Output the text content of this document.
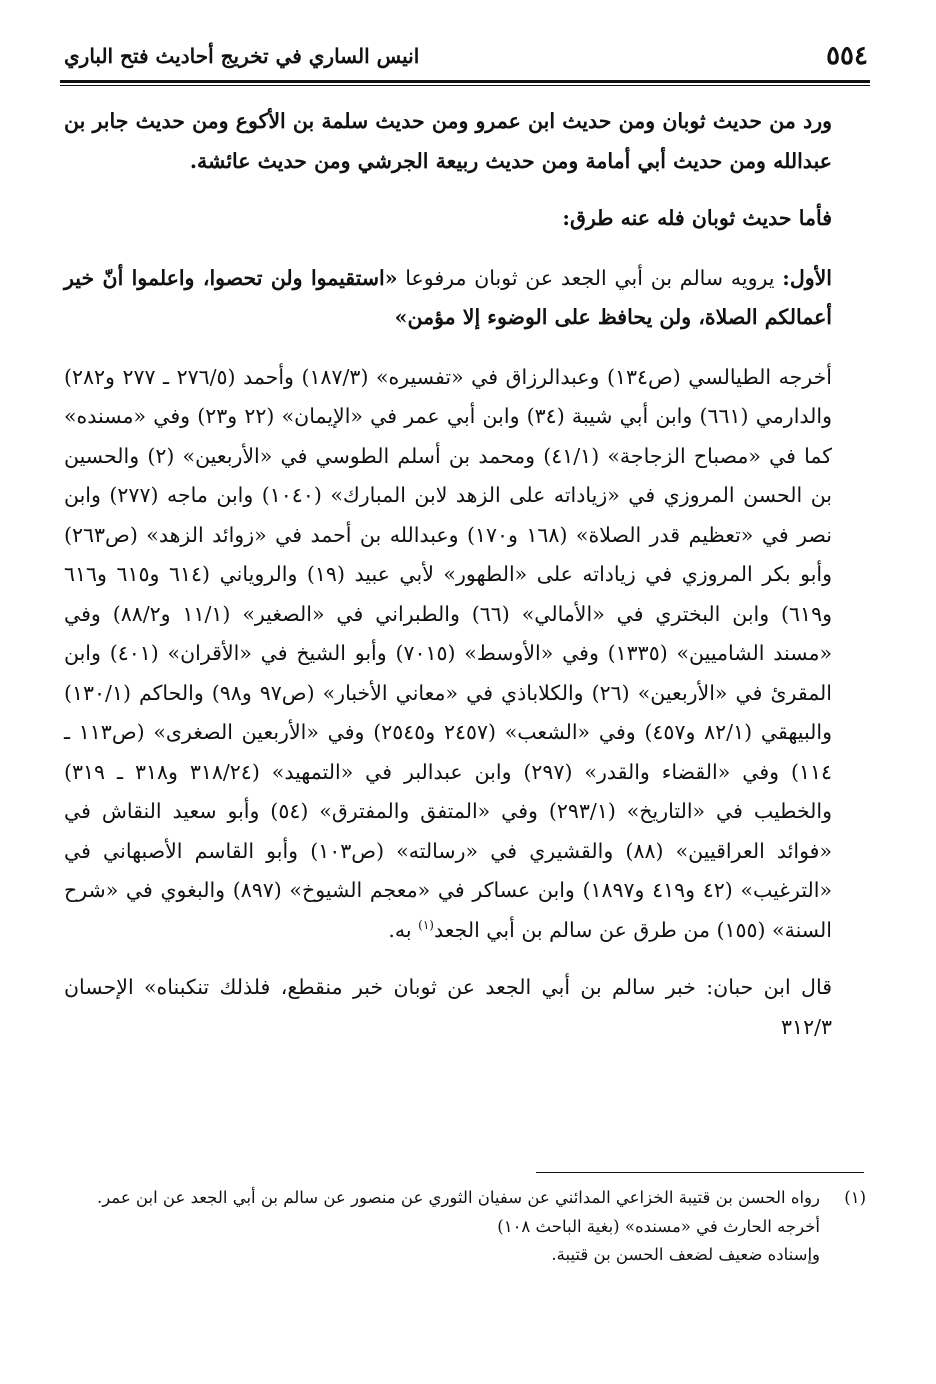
٥٥٤
انيس الساري في تخريج أحاديث فتح الباري

ورد من حديث ثوبان ومن حديث ابن عمرو ومن حديث سلمة بن الأكوع ومن حديث جابر بن عبدالله ومن حديث أبي أمامة ومن حديث ربيعة الجرشي ومن حديث عائشة.

فأما حديث ثوبان فله عنه طرق:

الأول: يرويه سالم بن أبي الجعد عن ثوبان مرفوعا «استقيموا ولن تحصوا، واعلموا أنّ خير أعمالكم الصلاة، ولن يحافظ على الوضوء إلا مؤمن»

أخرجه الطيالسي (ص١٣٤) وعبدالرزاق في «تفسيره» (١٨٧/٣) وأحمد (٢٧٦/٥ ـ ٢٧٧ و٢٨٢) والدارمي (٦٦١) وابن أبي شيبة (٣٤) وابن أبي عمر في «الإيمان» (٢٢ و٢٣) وفي «مسنده» كما في «مصباح الزجاجة» (٤١/١) ومحمد بن أسلم الطوسي في «الأربعين» (٢) والحسين بن الحسن المروزي في «زياداته على الزهد لابن المبارك» (١٠٤٠) وابن ماجه (٢٧٧) وابن نصر في «تعظيم قدر الصلاة» (١٦٨ و١٧٠) وعبدالله بن أحمد في «زوائد الزهد» (ص٢٦٣) وأبو بكر المروزي في زياداته على «الطهور» لأبي عبيد (١٩) والروياني (٦١٤ و٦١٥ و٦١٦ و٦١٩) وابن البختري في «الأمالي» (٦٦) والطبراني في «الصغير» (١١/١ و٨٨/٢) وفي «مسند الشاميين» (١٣٣٥) وفي «الأوسط» (٧٠١٥) وأبو الشيخ في «الأقران» (٤٠١) وابن المقرئ في «الأربعين» (٢٦) والكلاباذي في «معاني الأخبار» (ص٩٧ و٩٨) والحاكم (١٣٠/١) والبيهقي (٨٢/١ و٤٥٧) وفي «الشعب» (٢٤٥٧ و٢٥٤٥) وفي «الأربعين الصغرى» (ص١١٣ ـ ١١٤) وفي «القضاء والقدر» (٢٩٧) وابن عبدالبر في «التمهيد» (٣١٨/٢٤ و٣١٨ ـ ٣١٩) والخطيب في «التاريخ» (٢٩٣/١) وفي «المتفق والمفترق» (٥٤) وأبو سعيد النقاش في «فوائد العراقيين» (٨٨) والقشيري في «رسالته» (ص١٠٣) وأبو القاسم الأصبهاني في «الترغيب» (٤٢ و٤١٩ و١٨٩٧) وابن عساكر في «معجم الشيوخ» (٨٩٧) والبغوي في «شرح السنة» (١٥٥) من طرق عن سالم بن أبي الجعد$^{(١)}$ به.

قال ابن حبان: خبر سالم بن أبي الجعد عن ثوبان خبر منقطع، فلذلك تنكبناه» الإحسان ٣١٢/٣

(١)رواه الحسن بن قتيبة الخزاعي المدائني عن سفيان الثوري عن منصور عن سالم بن أبي الجعد عن ابن عمر.

أخرجه الحارث في «مسنده» (بغية الباحث ١٠٨)

وإسناده ضعيف لضعف الحسن بن قتيبة.
